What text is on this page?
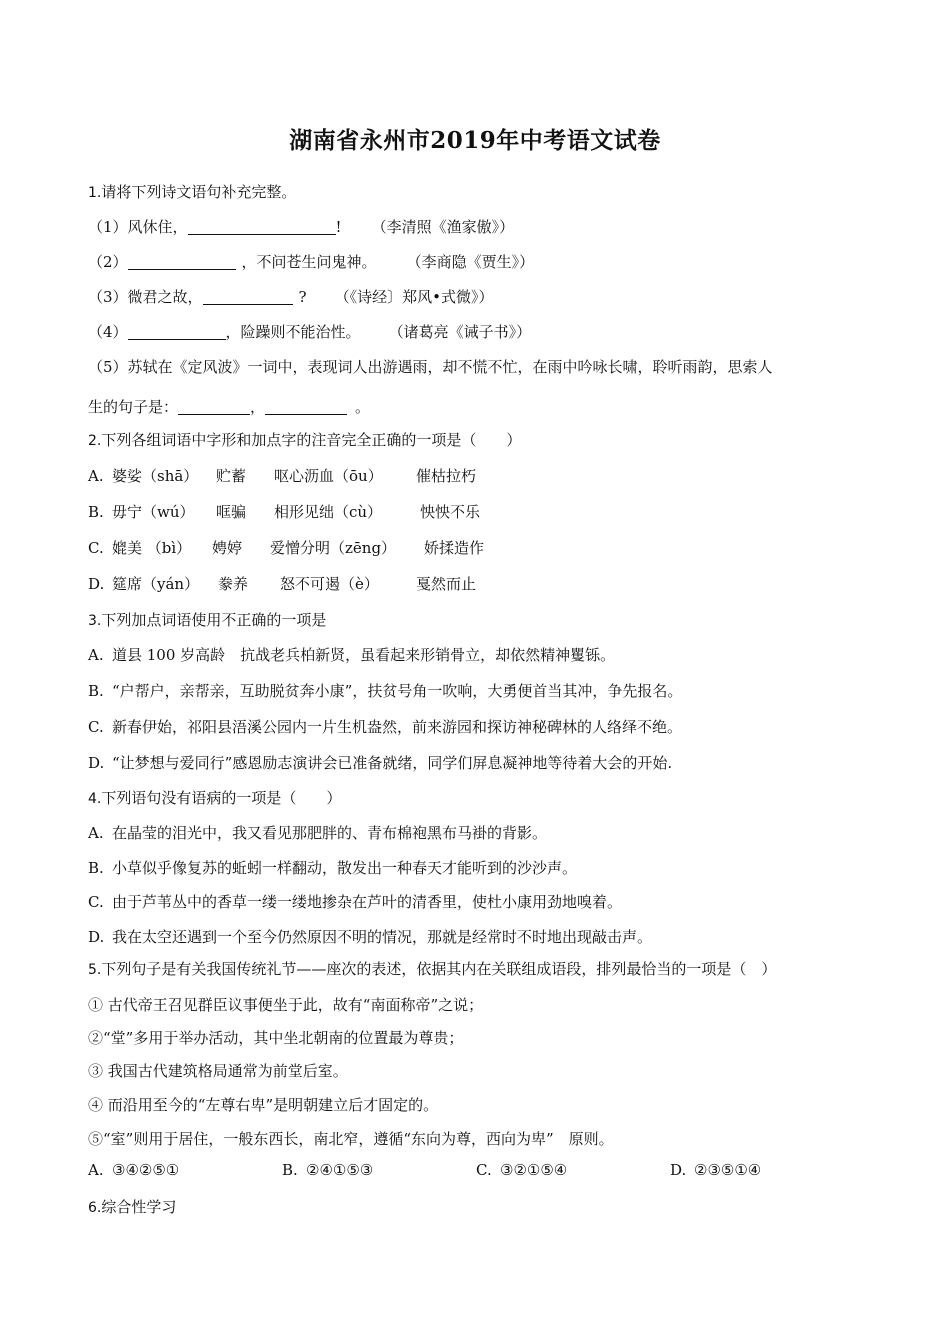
湖南省永州市2019年中考语文试卷
1.请将下列诗文语句补充完整。
（1）风休住，	! （李清照《渔家傲》）
（2）	，不问苍生问鬼神。 （李商隐《贾生》）
（3）微君之故，	? （《诗经〕郑风•式微》）
（4）	，险躁则不能治性。 （诸葛亮《诫子书》）
（5）苏轼在《定风波》一词中，表现词人出游遇雨，却不慌不忙，在雨中吟咏长啸，聆听雨韵，思索人
生的句子是：	，	。
2.下列各组词语中字形和加点字的注音完全正确的一项是（　　）
A. 婆娑（shā） 贮蓄 呕心沥血（ōu） 催枯拉朽
B. 毋宁（wú） 哐骗 相形见绌（cù）	怏怏不乐
C. 媲美 （bì） 娉婷 爱憎分明（zēng） 娇揉造作
D. 筵席（yán） 豢养 怒不可遏（è） 戛然而止
3.下列加点词语使用不正确的一项是
A. 道县 100 岁高龄　抗战老兵柏新贤，虽看起来形销骨立，却依然精神矍铄。
B. “户帮户，亲帮亲，互助脱贫奔小康”，扶贫号角一吹响，大勇便首当其冲，争先报名。
C. 新春伊始，祁阳县浯溪公园内一片生机盎然，前来游园和探访神秘碑林的人络绎不绝。
D. “让梦想与爱同行”感恩励志演讲会已准备就绪，同学们屏息凝神地等待着大会的开始.
4.下列语句没有语病的一项是（　　）
A. 在晶莹的泪光中，我又看见那肥胖的、青布棉袍黑布马褂的背影。
B. 小草似乎像复苏的蚯蚓一样翻动，散发出一种春天才能听到的沙沙声。
C. 由于芦苇丛中的香草一缕一缕地掺杂在芦叶的清香里，使杜小康用劲地嗅着。
D. 我在太空还遇到一个至今仍然原因不明的情况，那就是经常时不时地出现敲击声。
5.下列句子是有关我国传统礼节——座次的表述，依据其内在关联组成语段，排列最恰当的一项是（　）
① 古代帝王召见群臣议事便坐于此，故有“南面称帝”之说；
②“堂”多用于举办活动，其中坐北朝南的位置最为尊贵；
③ 我国古代建筑格局通常为前堂后室。
④ 而沿用至今的“左尊右卑”是明朝建立后才固定的。
⑤“室”则用于居住，一般东西长，南北窄，遵循“东向为尊，西向为卑”　原则。
A. ③④②⑤①	B. ②④①⑤③	C. ③②①⑤④	D. ②③⑤①④
6.综合性学习
